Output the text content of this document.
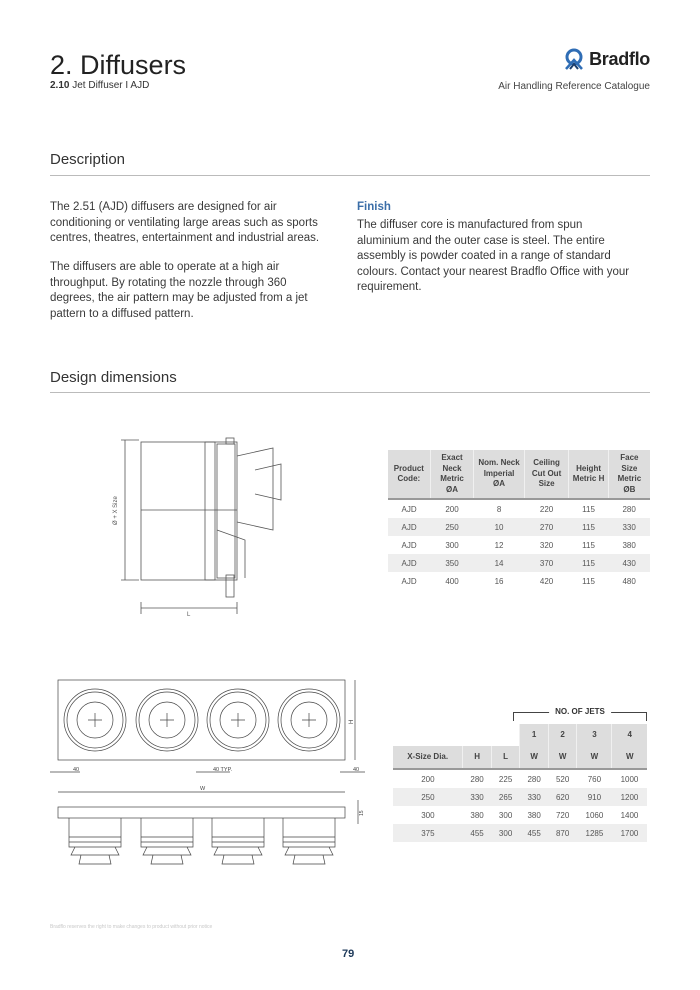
2. Diffusers
2.10 Jet Diffuser I AJD
Bradflo
Air Handling Reference Catalogue
Description
The 2.51 (AJD) diffusers are designed for air conditioning or ventilating large areas such as sports centres, theatres, entertainment and industrial areas.
The diffusers are able to operate at a high air throughput. By rotating the nozzle through 360 degrees, the air pattern may be adjusted from a jet pattern to a diffused pattern.
Finish
The diffuser core is manufactured from spun aluminium and the outer case is steel. The entire assembly is powder coated in a range of standard colours. Contact your nearest Bradflo Office with your requirement.
Design dimensions
Ø + X Size
L
Product Code:	Exact Neck Metric ØA	Nom. Neck Imperial ØA	Ceiling Cut Out Size	Height Metric H	Face Size Metric ØB
AJD	200	8	220	115	280
AJD	250	10	270	115	330
AJD	300	12	320	115	380
AJD	350	14	370	115	430
AJD	400	16	420	115	480
H
40	40 TYP.	40
W
15
NO. OF JETS
			1	2	3	4
X-Size Dia.	H	L	W	W	W	W
200	280	225	280	520	760	1000
250	330	265	330	620	910	1200
300	380	300	380	720	1060	1400
375	455	300	455	870	1285	1700
Bradflo reserves the right to make changes to product without prior notice
79
